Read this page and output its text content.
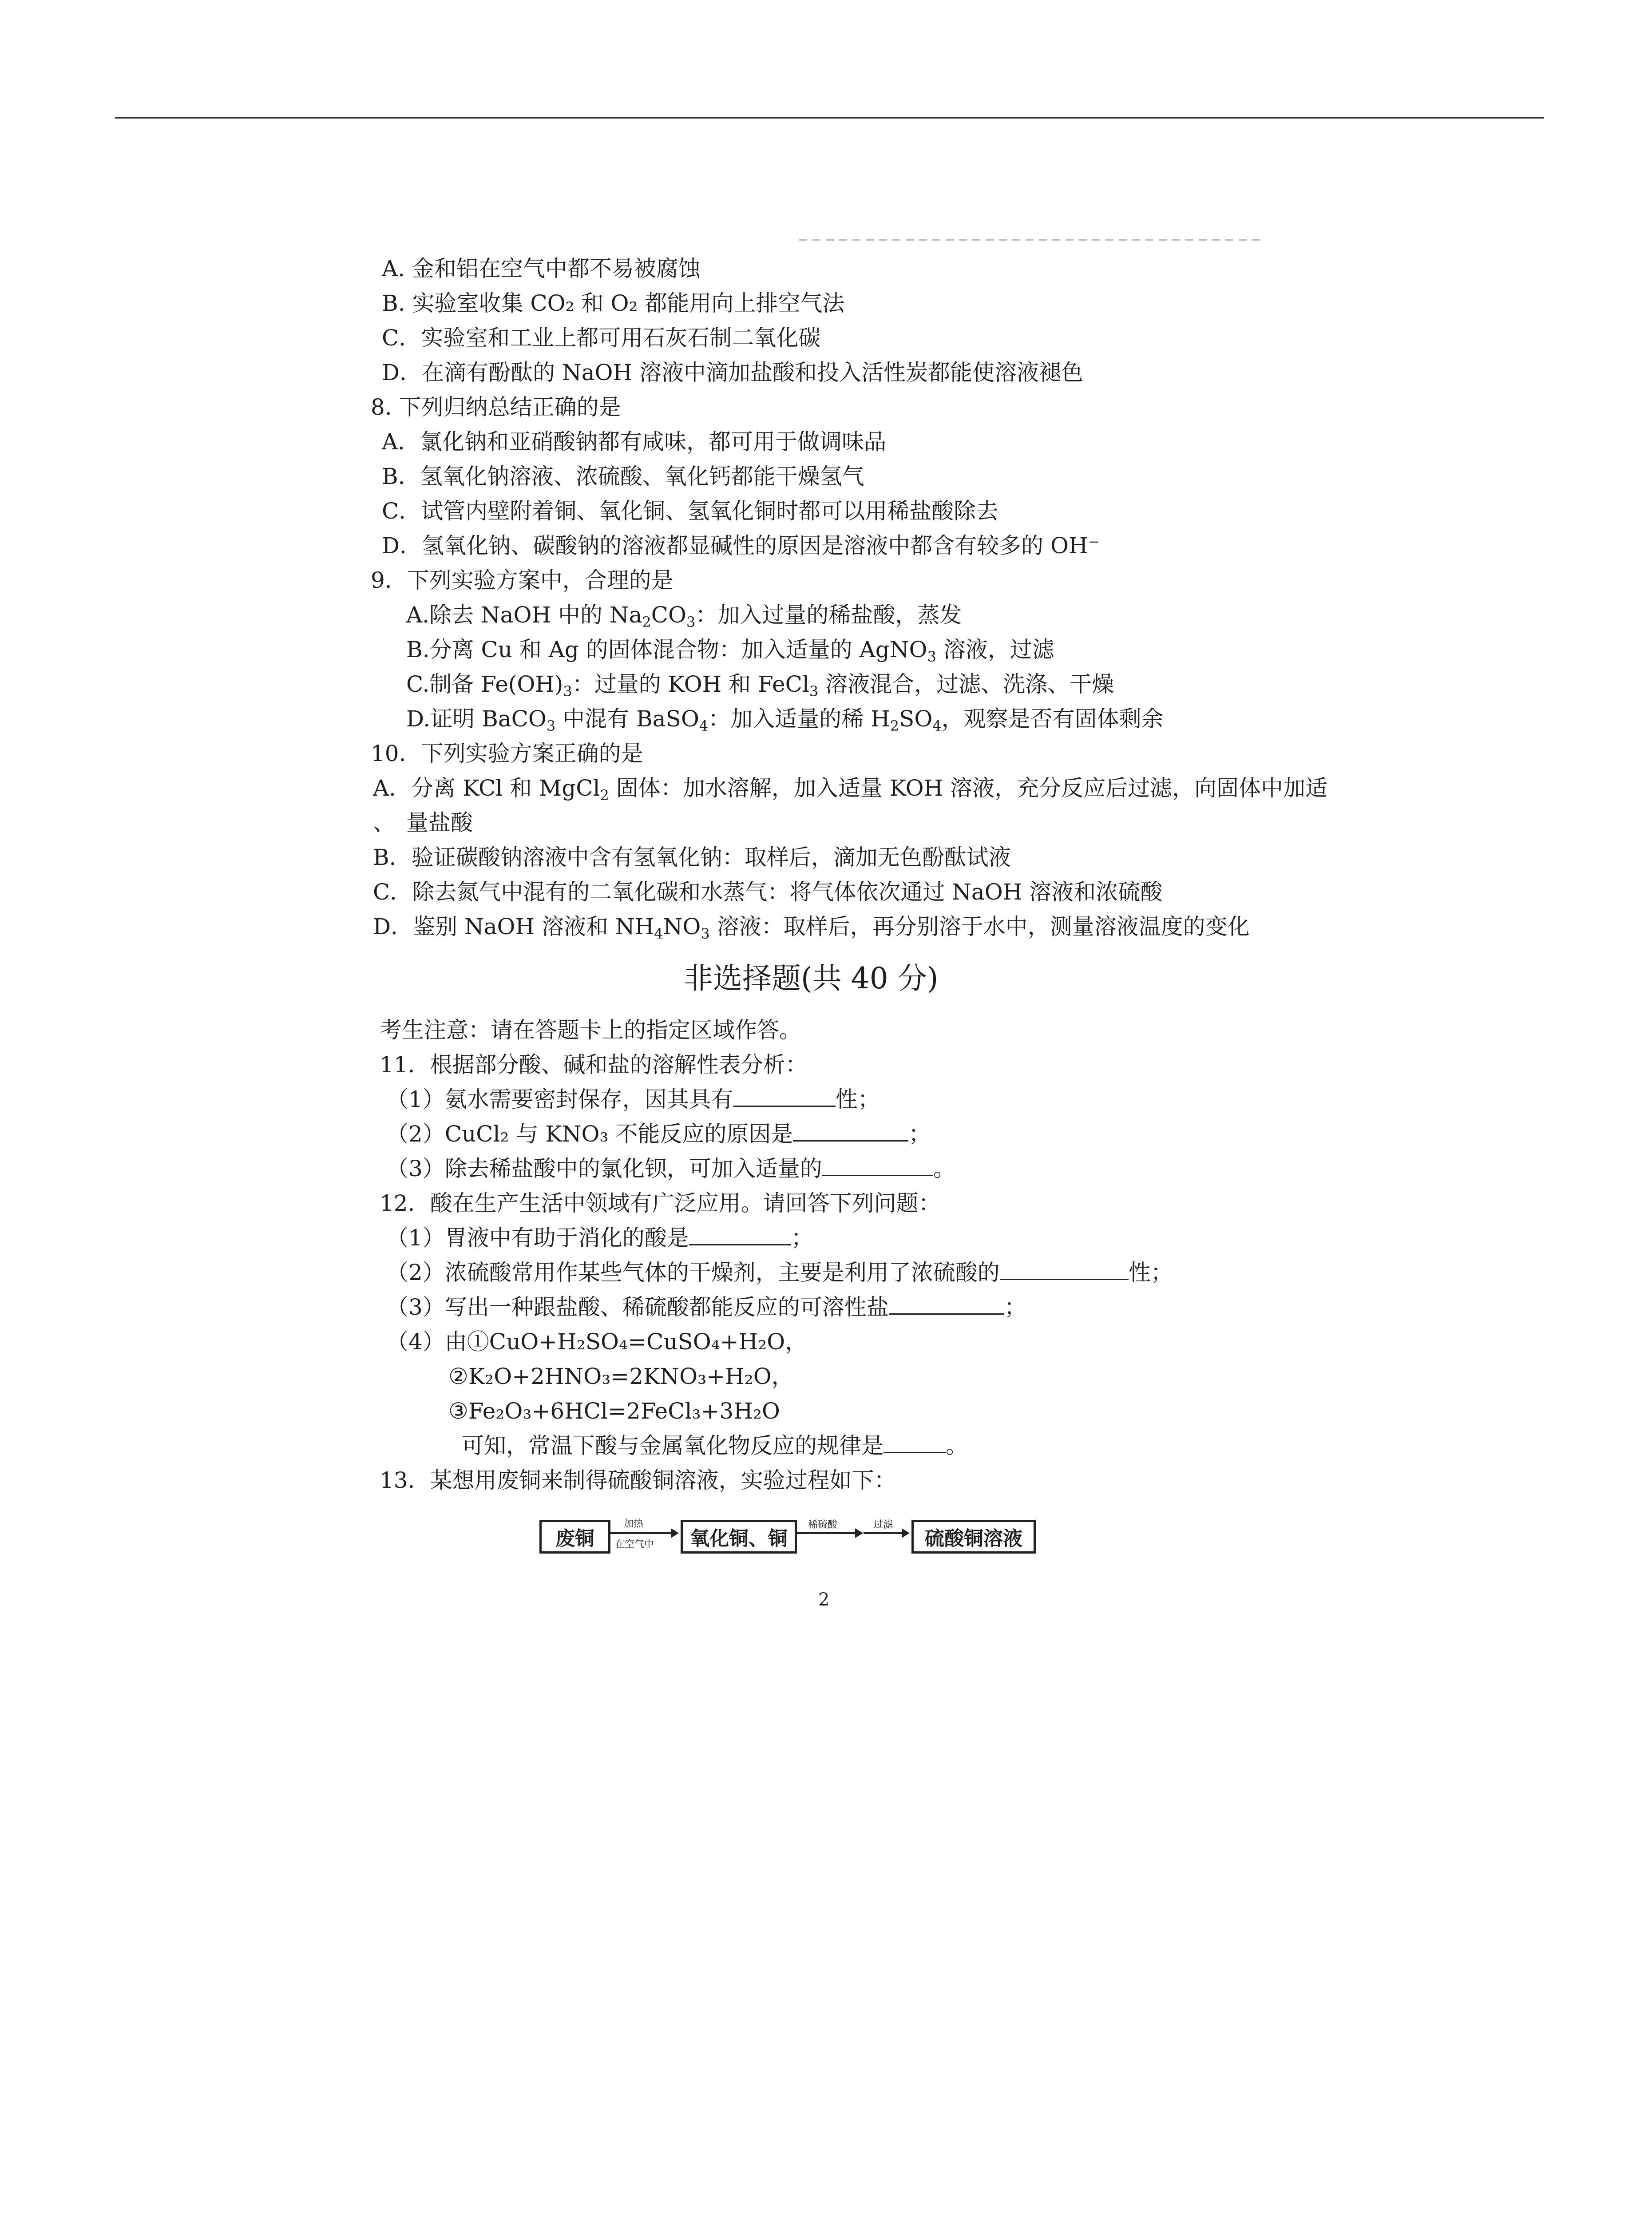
A. 金和铝在空气中都不易被腐蚀
B. 实验室收集 CO₂ 和 O₂ 都能用向上排空气法
C．实验室和工业上都可用石灰石制二氧化碳
D．在滴有酚酞的 NaOH 溶液中滴加盐酸和投入活性炭都能使溶液褪色
8. 下列归纳总结正确的是
A．氯化钠和亚硝酸钠都有咸味，都可用于做调味品
B．氢氧化钠溶液、浓硫酸、氧化钙都能干燥氢气
C．试管内壁附着铜、氧化铜、氢氧化铜时都可以用稀盐酸除去
D．氢氧化钠、碳酸钠的溶液都显碱性的原因是溶液中都含有较多的 OH⁻
9．下列实验方案中，合理的是
A.除去 NaOH 中的 $Na_2CO_3$：加入过量的稀盐酸，蒸发
B.分离 Cu 和 Ag 的固体混合物：加入适量的 AgNO$_3$ 溶液，过滤
C.制备 $Fe(OH)_3$：过量的 KOH 和 FeCl$_3$ 溶液混合，过滤、洗涤、干燥
D.证明 BaCO$_3$ 中混有 BaSO$_4$：加入适量的稀 $H_2SO_4$，观察是否有固体剩余
10．下列实验方案正确的是
A．分离 KCl 和 MgCl$_2$ 固体：加水溶解，加入适量 KOH 溶液，充分反应后过滤，向固体中加适
、　量盐酸
B．验证碳酸钠溶液中含有氢氧化钠：取样后，滴加无色酚酞试液
C．除去氮气中混有的二氧化碳和水蒸气：将气体依次通过 NaOH 溶液和浓硫酸
D．鉴别 NaOH 溶液和 $NH_4NO_3$ 溶液：取样后，再分别溶于水中，测量溶液温度的变化
非选择题(共 40 分)
考生注意：请在答题卡上的指定区域作答。
11．根据部分酸、碱和盐的溶解性表分析：
（1）氨水需要密封保存，因其具有	性；
（2）CuCl₂ 与 KNO₃ 不能反应的原因是	；
（3）除去稀盐酸中的氯化钡，可加入适量的	。
12．酸在生产生活中领域有广泛应用。请回答下列问题：
（1）胃液中有助于消化的酸是	；
（2）浓硫酸常用作某些气体的干燥剂，主要是利用了浓硫酸的	性；
（3）写出一种跟盐酸、稀硫酸都能反应的可溶性盐	；
（4）由①CuO+H₂SO₄=CuSO₄+H₂O，
②K₂O+2HNO₃=2KNO₃+H₂O，
③Fe₂O₃+6HCl=2FeCl₃+3H₂O
可知，常温下酸与金属氧化物反应的规律是	。
13．某想用废铜来制得硫酸铜溶液，实验过程如下：
废铜
加热
在空气中	氧化铜、铜
稀硫酸	过滤
硫酸铜溶液
2
